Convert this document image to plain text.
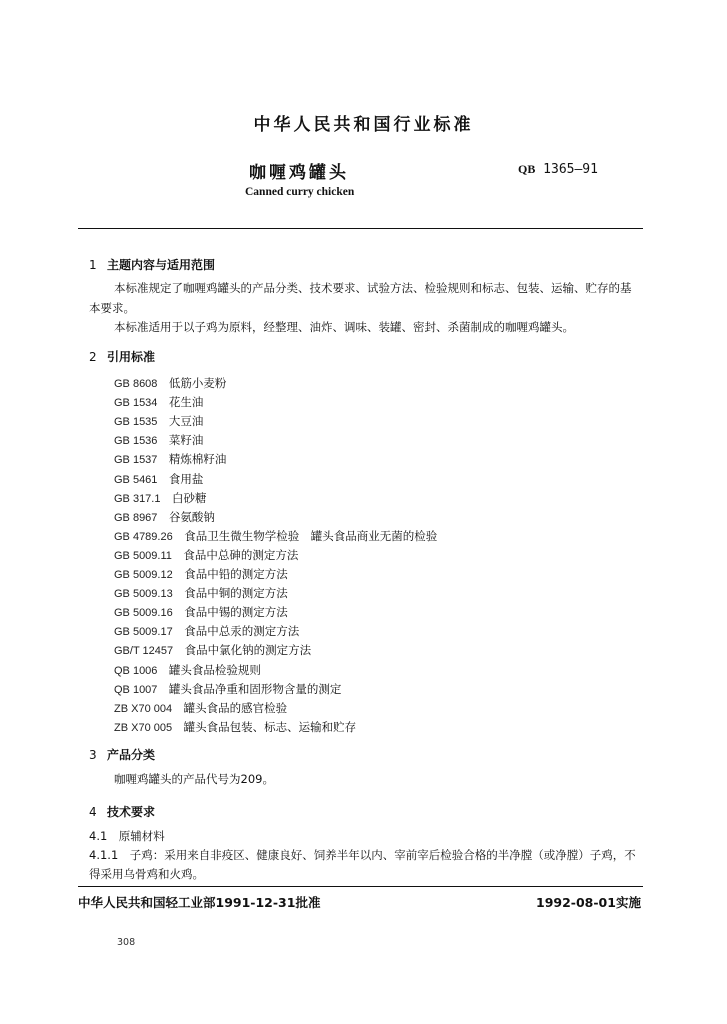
中华人民共和国行业标准
咖喱鸡罐头	QB 1365—91
Canned curry chicken
1 主题内容与适用范围
本标准规定了咖喱鸡罐头的产品分类、技术要求、试验方法、检验规则和标志、包装、运输、贮存的基
本要求。
本标准适用于以子鸡为原料，经整理、油炸、调味、装罐、密封、杀菌制成的咖喱鸡罐头。
2 引用标准
GB 8608  低筋小麦粉
GB 1534  花生油
GB 1535  大豆油
GB 1536  菜籽油
GB 1537  精炼棉籽油
GB 5461  食用盐
GB 317.1  白砂糖
GB 8967  谷氨酸钠
GB 4789.26  食品卫生微生物学检验　罐头食品商业无菌的检验
GB 5009.11  食品中总砷的测定方法
GB 5009.12  食品中铅的测定方法
GB 5009.13  食品中铜的测定方法
GB 5009.16  食品中锡的测定方法
GB 5009.17  食品中总汞的测定方法
GB/T 12457  食品中氯化钠的测定方法
QB 1006  罐头食品检验规则
QB 1007  罐头食品净重和固形物含量的测定
ZB X70 004  罐头食品的感官检验
ZB X70 005  罐头食品包装、标志、运输和贮存
3 产品分类
咖喱鸡罐头的产品代号为209。
4 技术要求
4.1　原辅材料
4.1.1　子鸡：采用来自非疫区、健康良好、饲养半年以内、宰前宰后检验合格的半净膛（或净膛）子鸡，不
得采用乌骨鸡和火鸡。
中华人民共和国轻工业部1991-12-31批准	1992-08-01实施
308
